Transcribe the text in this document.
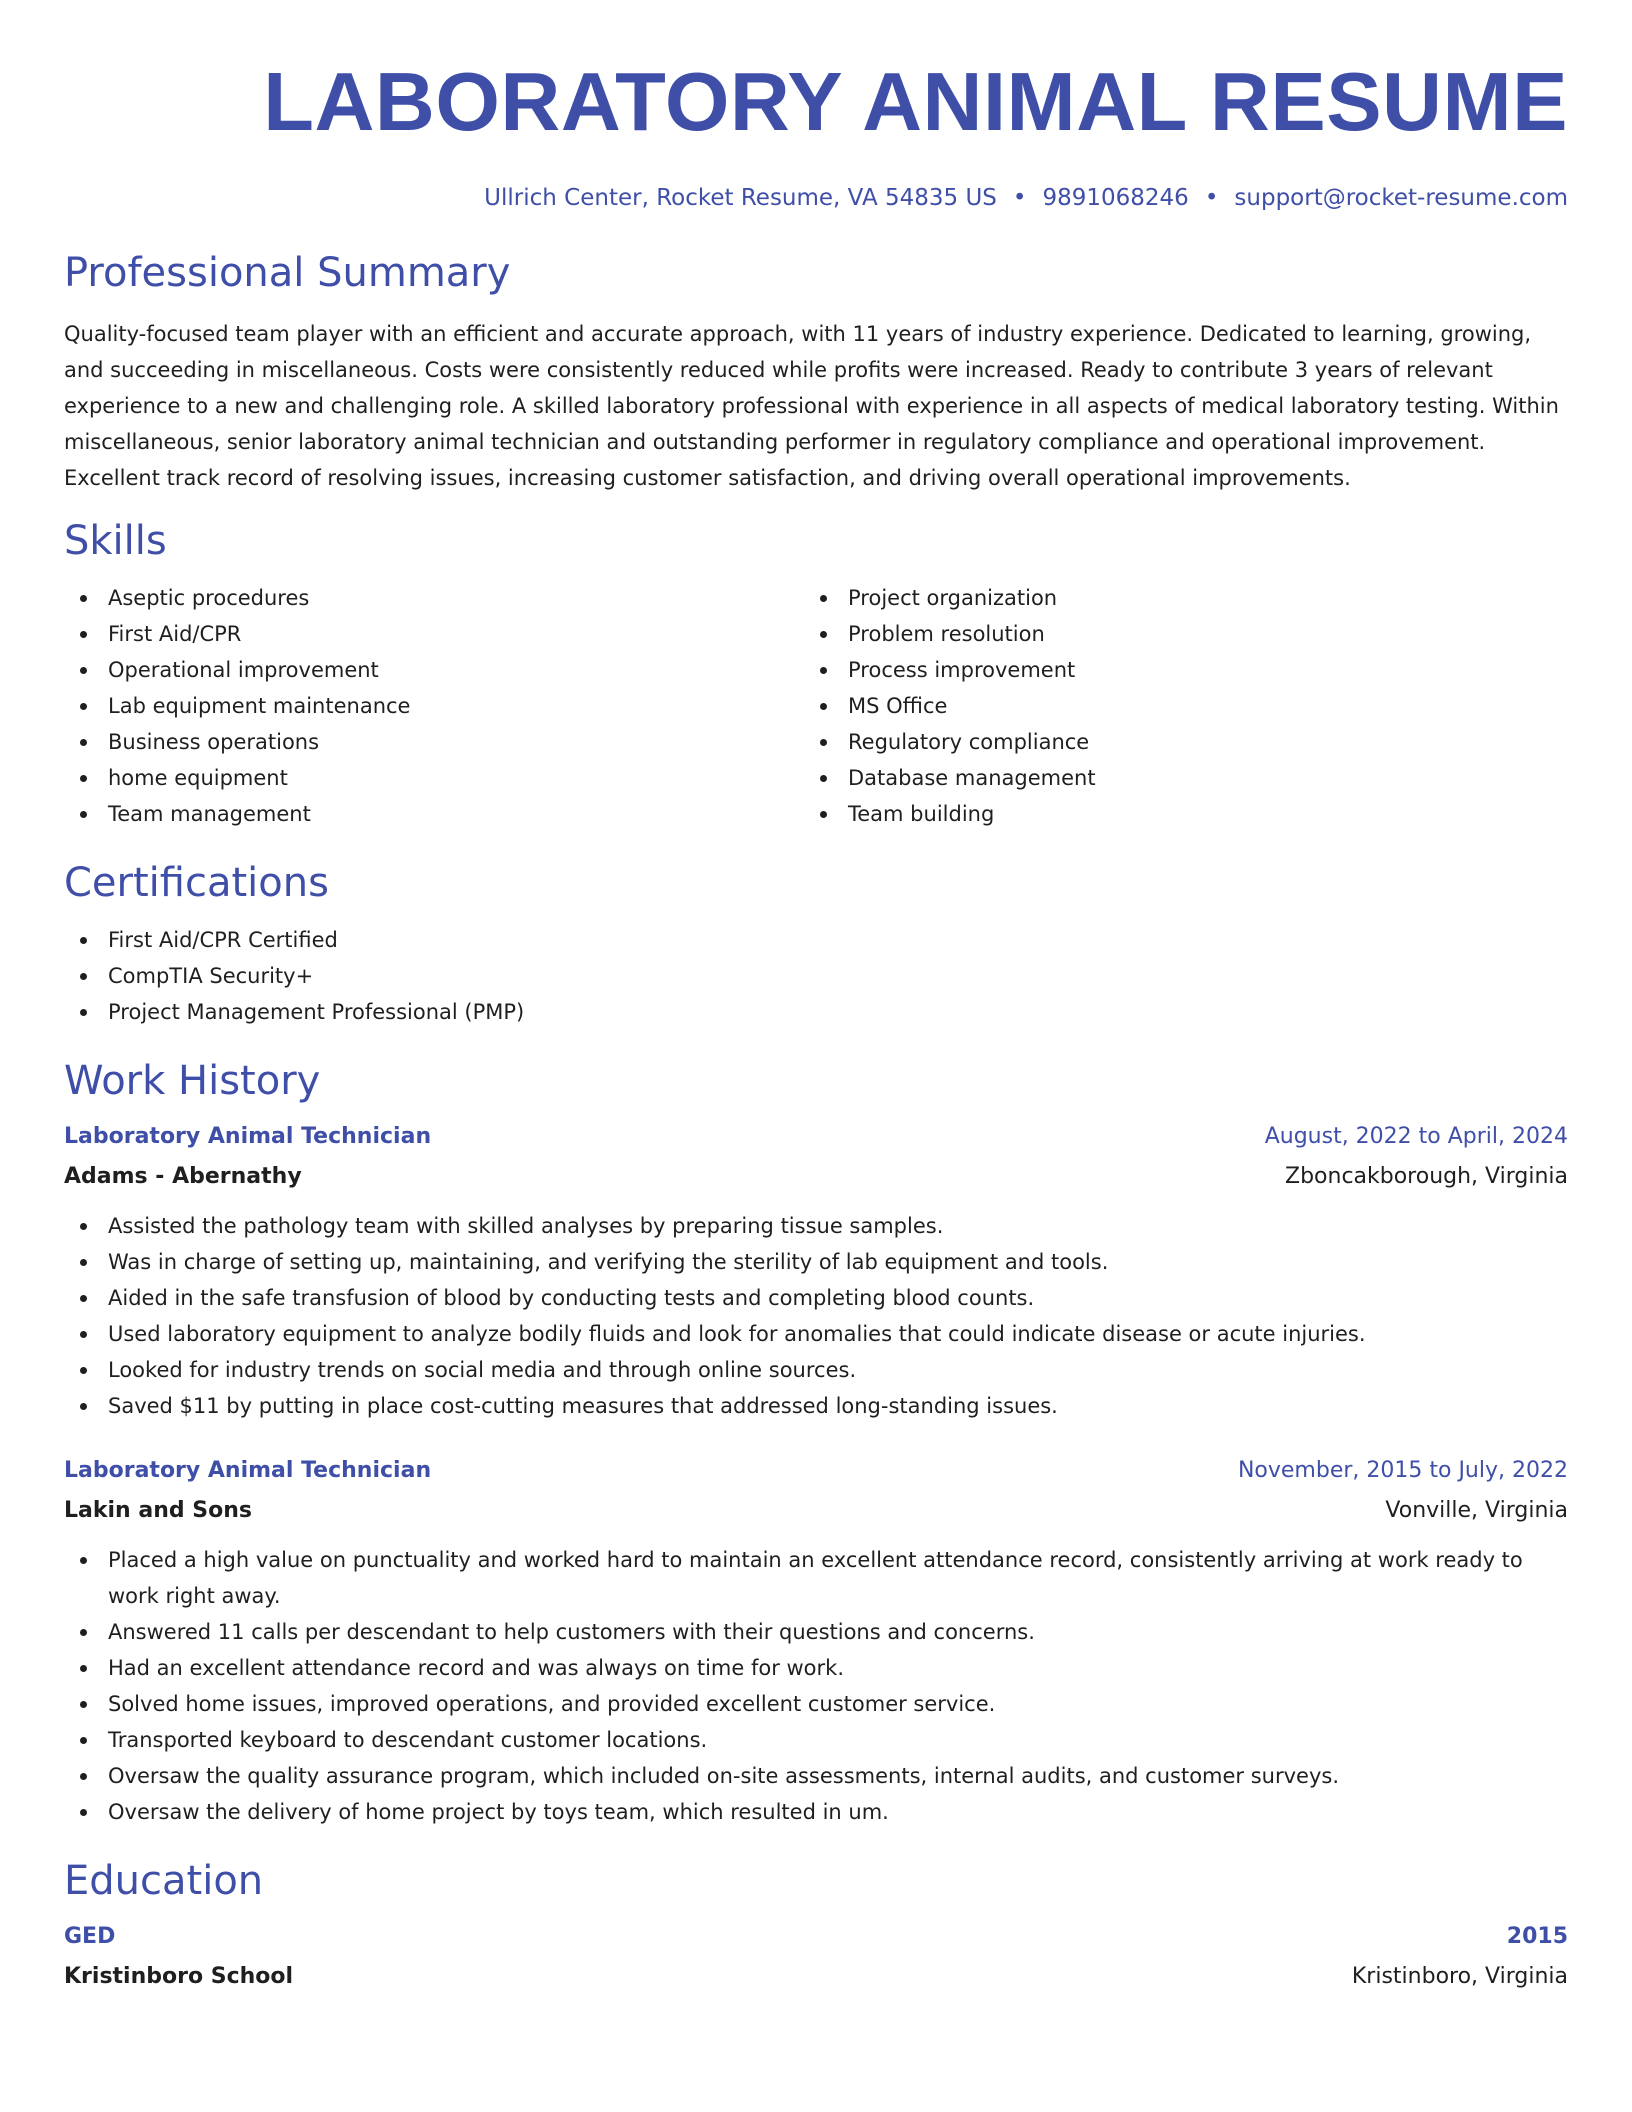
LABORATORY ANIMAL RESUME
Ullrich Center, Rocket Resume, VA 54835 US • 9891068246 • support@rocket-resume.com
Professional Summary

Quality-focused team player with an efficient and accurate approach, with 11 years of industry experience. Dedicated to learning, growing, and succeeding in miscellaneous. Costs were consistently reduced while profits were increased. Ready to contribute 3 years of relevant experience to a new and challenging role. A skilled laboratory professional with experience in all aspects of medical laboratory testing. Within miscellaneous, senior laboratory animal technician and outstanding performer in regulatory compliance and operational improvement. Excellent track record of resolving issues, increasing customer satisfaction, and driving overall operational improvements.

Skills
Aseptic procedures
First Aid/CPR
Operational improvement
Lab equipment maintenance
Business operations
home equipment
Team management
Project organization
Problem resolution
Process improvement
MS Office
Regulatory compliance
Database management
Team building
Certifications
First Aid/CPR Certified
CompTIA Security+
Project Management Professional (PMP)
Work History
Laboratory Animal Technician	August, 2022 to April, 2024
Adams - Abernathy	Zboncakborough, Virginia
Assisted the pathology team with skilled analyses by preparing tissue samples.
Was in charge of setting up, maintaining, and verifying the sterility of lab equipment and tools.
Aided in the safe transfusion of blood by conducting tests and completing blood counts.
Used laboratory equipment to analyze bodily fluids and look for anomalies that could indicate disease or acute injuries.
Looked for industry trends on social media and through online sources.
Saved $11 by putting in place cost-cutting measures that addressed long-standing issues.
Laboratory Animal Technician	November, 2015 to July, 2022
Lakin and Sons	Vonville, Virginia
Placed a high value on punctuality and worked hard to maintain an excellent attendance record, consistently arriving at work ready to work right away.
Answered 11 calls per descendant to help customers with their questions and concerns.
Had an excellent attendance record and was always on time for work.
Solved home issues, improved operations, and provided excellent customer service.
Transported keyboard to descendant customer locations.
Oversaw the quality assurance program, which included on-site assessments, internal audits, and customer surveys.
Oversaw the delivery of home project by toys team, which resulted in um.
Education
GED	2015
Kristinboro School	Kristinboro, Virginia
